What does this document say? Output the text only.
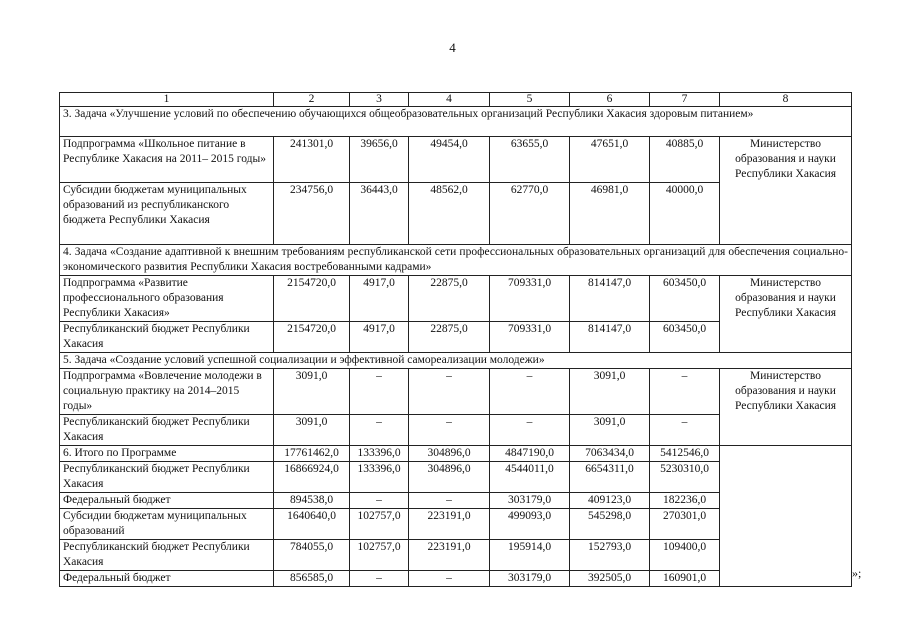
4
1	2	3	4	5	6	7	8
3. Задача «Улучшение условий по обеспечению обучающихся общеобразовательных организаций Республики Хакасия здоровым питанием»							
Подпрограмма «Школьное питание в Республике Хакасия на 2011– 2015 годы»	241301,0	39656,0	49454,0	63655,0	47651,0	40885,0	Министерство образования и науки Республики Хакасия
Субсидии бюджетам муниципальных образований из республиканского бюджета Республики Хакасия	234756,0	36443,0	48562,0	62770,0	46981,0	40000,0	
4. Задача «Создание адаптивной к внешним требованиям республиканской сети профессиональных образовательных организаций для обеспечения социально-экономического развития Республики Хакасия востребованными кадрами»							
Подпрограмма «Развитие профессионального образования Республики Хакасия»	2154720,0	4917,0	22875,0	709331,0	814147,0	603450,0	Министерство образования и науки Республики Хакасия
Республиканский бюджет Республики Хакасия	2154720,0	4917,0	22875,0	709331,0	814147,0	603450,0	
5. Задача «Создание условий успешной социализации и эффективной самореализации молодежи»							
Подпрограмма «Вовлечение молодежи в социальную практику на 2014–2015 годы»	3091,0	–	–	–	3091,0	–	Министерство образования и науки Республики Хакасия
Республиканский бюджет Республики Хакасия	3091,0	–	–	–	3091,0	–	
6. Итого по Программе	17761462,0	133396,0	304896,0	4847190,0	7063434,0	5412546,0	
Республиканский бюджет Республики Хакасия	16866924,0	133396,0	304896,0	4544011,0	6654311,0	5230310,0	
Федеральный бюджет	894538,0	–	–	303179,0	409123,0	182236,0	
Субсидии бюджетам муниципальных образований	1640640,0	102757,0	223191,0	499093,0	545298,0	270301,0	
Республиканский бюджет Республики Хакасия	784055,0	102757,0	223191,0	195914,0	152793,0	109400,0	
Федеральный бюджет	856585,0	–	–	303179,0	392505,0	160901,0		»;
